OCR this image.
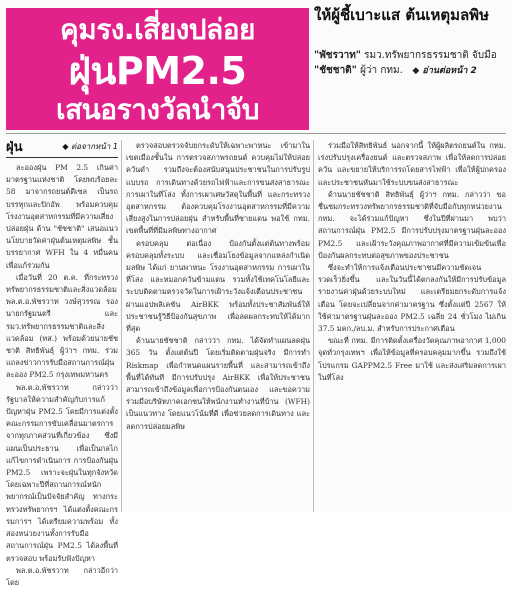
คุมรง.เสี่ยงปล่อย
ฝุ่นPM2.5
เสนอรางวัลนำจับ
ให้ผู้ชี้เบาะแส ต้นเหตุมลพิษ
"พัชรวาท" รมว.ทรัพยากรธรรมชาติ จับมือ "ชัชชาติ" ผู้ว่า กทม. ◆ อ่านต่อหน้า 2
ฝุ่น	◆ ต่อจากหน้า 1

ละอองฝุ่น PM 2.5 เกินค่ามาตรฐานแห่งชาติ โดยพบร้อยละ 58 มาจากรถยนต์ดีเซล เป็นรถบรรทุกและปิกอัพ พร้อมควบคุมโรงงานอุตสาหกรรมที่มีความเสี่ยงปล่อยฝุ่น ด้าน "ชัชชาติ" เสนอแนวนโยบายวัดค่าฝุ่นต้นเหตุมลพิษ ชั้นบรรยากาศ WFH ใน 4 หมื่นคนเพื่อแก้ร่วมกัน

เมื่อวันที่ 20 ต.ค. ที่กระทรวงทรัพยากรธรรมชาติและสิ่งแวดล้อม พล.ต.อ.พัชรวาท วงษ์สุวรรณ รองนายกรัฐมนตรี และรมว.ทรัพยากรธรรมชาติและสิ่งแวดล้อม (ทส.) พร้อมด้วยนายชัชชาติ สิทธิพันธุ์ ผู้ว่าฯ กทม. ร่วมแถลงข่าวการรับมือสถานการณ์ฝุ่นละออง PM2.5 กรุงเทพมหานคร

พล.ต.อ.พัชรวาท กล่าวว่า รัฐบาลให้ความสำคัญกับการแก้ปัญหาฝุ่น PM2.5 โดยมีการแต่งตั้งคณะกรรมการขับเคลื่อนมาตรการจากทุกภาคส่วนที่เกี่ยวข้อง ซึ่งมีแผนเป็นประธาน เพื่อเป็นกลไกแก้ไขการดำเนินการ การป้องกันฝุ่น PM2.5 เพราะจะฝุ่นในทุกจังหวัด โดยเฉพาะปีที่สถานการณ์หนักพยากรณ์เป็นปัจจัยสำคัญ ทางกระทรวงทรัพยากรฯ ได้แต่งตั้งคณะกรรมการฯ ได้เตรียมความพร้อม ทั้งสองหน่วยงานทั้งการรับมือ สถานการณ์ฝุ่น PM2.5 ได้ลงพื้นที่ตรวจสอบ พร้อมรับฟังปัญหา

พล.ต.อ.พัชรวาท กล่าวอีกว่า โดย

ตรวจสอบตรวจจับยกระดับให้เฉพาะพาหนะ เข้ามาในเขตเมืองชั้นใน การตรวจสภาพรถยนต์ ควบคุมไม่ให้ปล่อยควันดำ รวมถึงจะต้องสนับสนุนประชาชนในการปรับรูปแบบรถ การเดินทางด้วยรถไฟฟ้าและการขนส่งสาธารณะ การเผาในที่โล่ง ทั้งการเผาเศษวัสดุในพื้นที่ และกระทรวงอุตสาหกรรม ต้องควบคุมโรงงานอุตสาหกรรมที่มีความเสี่ยงสูงในการปล่อยฝุ่น สำหรับพื้นที่ชายแดน พอใช้ กทม. เขตพื้นที่ที่มีมลพิษทางอากาศ

ครอบคลุม ต่อเนื่อง ป้องกันตั้งแต่ต้นทางพร้อม ครอบคลุมทั้งระบบ และเชื่อมโยงข้อมูลจากแหล่งกำเนิดมลพิษ ได้แก่ ยานพาหนะ โรงงานอุตสาหกรรม การเผาในที่โล่ง และหมอกควันข้ามแดน รวมทั้งใช้เทคโนโลยีและระบบติดตามตรวจวัดในการเฝ้าระวังแจ้งเตือนประชาชนผ่านแอปพลิเคชัน AirBKK พร้อมทั้งประชาสัมพันธ์ให้ประชาชนรู้วิธีป้องกันสุขภาพ เพื่อลดผลกระทบให้ได้มากที่สุด

ด้านนายชัชชาติ กล่าวว่า กทม. ได้จัดทำแผนลดฝุ่น 365 วัน ตั้งแต่ต้นปี โดยเริ่มติดตามฝุ่นจริง มีการทำ Riskmap เพื่อกำหนดแผนรายพื้นที่ และสามารถเข้าถึงพื้นที่ได้ทันที มีการปรับปรุง AirBKK เพื่อให้ประชาชนสามารถเข้าถึงข้อมูลเพื่อการป้องกันตนเอง และขอความร่วมมือบริษัทภาคเอกชนให้พนักงานทำงานที่บ้าน (WFH) เป็นแนวทาง โดยแนวโน้มที่ดี เพื่อช่วยลดการเดินทาง และลดการปล่อยมลพิษ

ร่วมมือให้สิทธิพันธ์ นอกจากนี้ ให้ผู้ผลิตรถยนต์ใน กทม. เร่งปรับปรุงเครื่องยนต์ และตรวจสภาพ เพื่อให้ลดการปล่อยควัน และขยายให้บริการรถโดยสารไฟฟ้า เพื่อให้ผู้ปกครองและประชาชนหันมาใช้ระบบขนส่งสาธารณะ

ด้านนายชัชชาติ สิทธิพันธุ์ ผู้ว่าฯ กทม. กล่าวว่า ขอชื่นชมกระทรวงทรัพยากรธรรมชาติที่จับมือกับทุกหน่วยงาน กทม. จะได้ร่วมแก้ปัญหา ซึ่งในปีที่ผ่านมา พบว่า สถานการณ์ฝุ่น PM2.5 มีการปรับปรุงมาตรฐานฝุ่นละออง PM2.5 และเฝ้าระวังคุณภาพอากาศที่มีความเข้มข้นเพื่อป้องกันผลกระทบต่อสุขภาพของประชาชน

ซึ่งจะทำให้การแจ้งเตือนประชาชนมีความชัดเจน รวดเร็วยิ่งขึ้น และในวันนี้ได้ตกลงกันให้มีการปรับข้อมูลรายงานค่าฝุ่นด้วยระบบใหม่ และเตรียมยกระดับการแจ้งเตือน โดยจะเปลี่ยนจากค่ามาตรฐาน ซึ่งตั้งแต่ปี 2567 ให้ใช้ค่ามาตรฐานฝุ่นละออง PM2.5 เฉลี่ย 24 ชั่วโมง ไม่เกิน 37.5 มคก./ลบ.ม. สำหรับการประกาศเตือน

ขณะที่ กทม. มีการติดตั้งเครื่องวัดคุณภาพอากาศ 1,000 จุดทั่วกรุงเทพฯ เพื่อให้ข้อมูลที่ครอบคลุมมากขึ้น รวมถึงใช้โปรแกรม GAPPM2.5 Free มาใช้ และส่งเสริมลดการเผาในที่โล่ง
